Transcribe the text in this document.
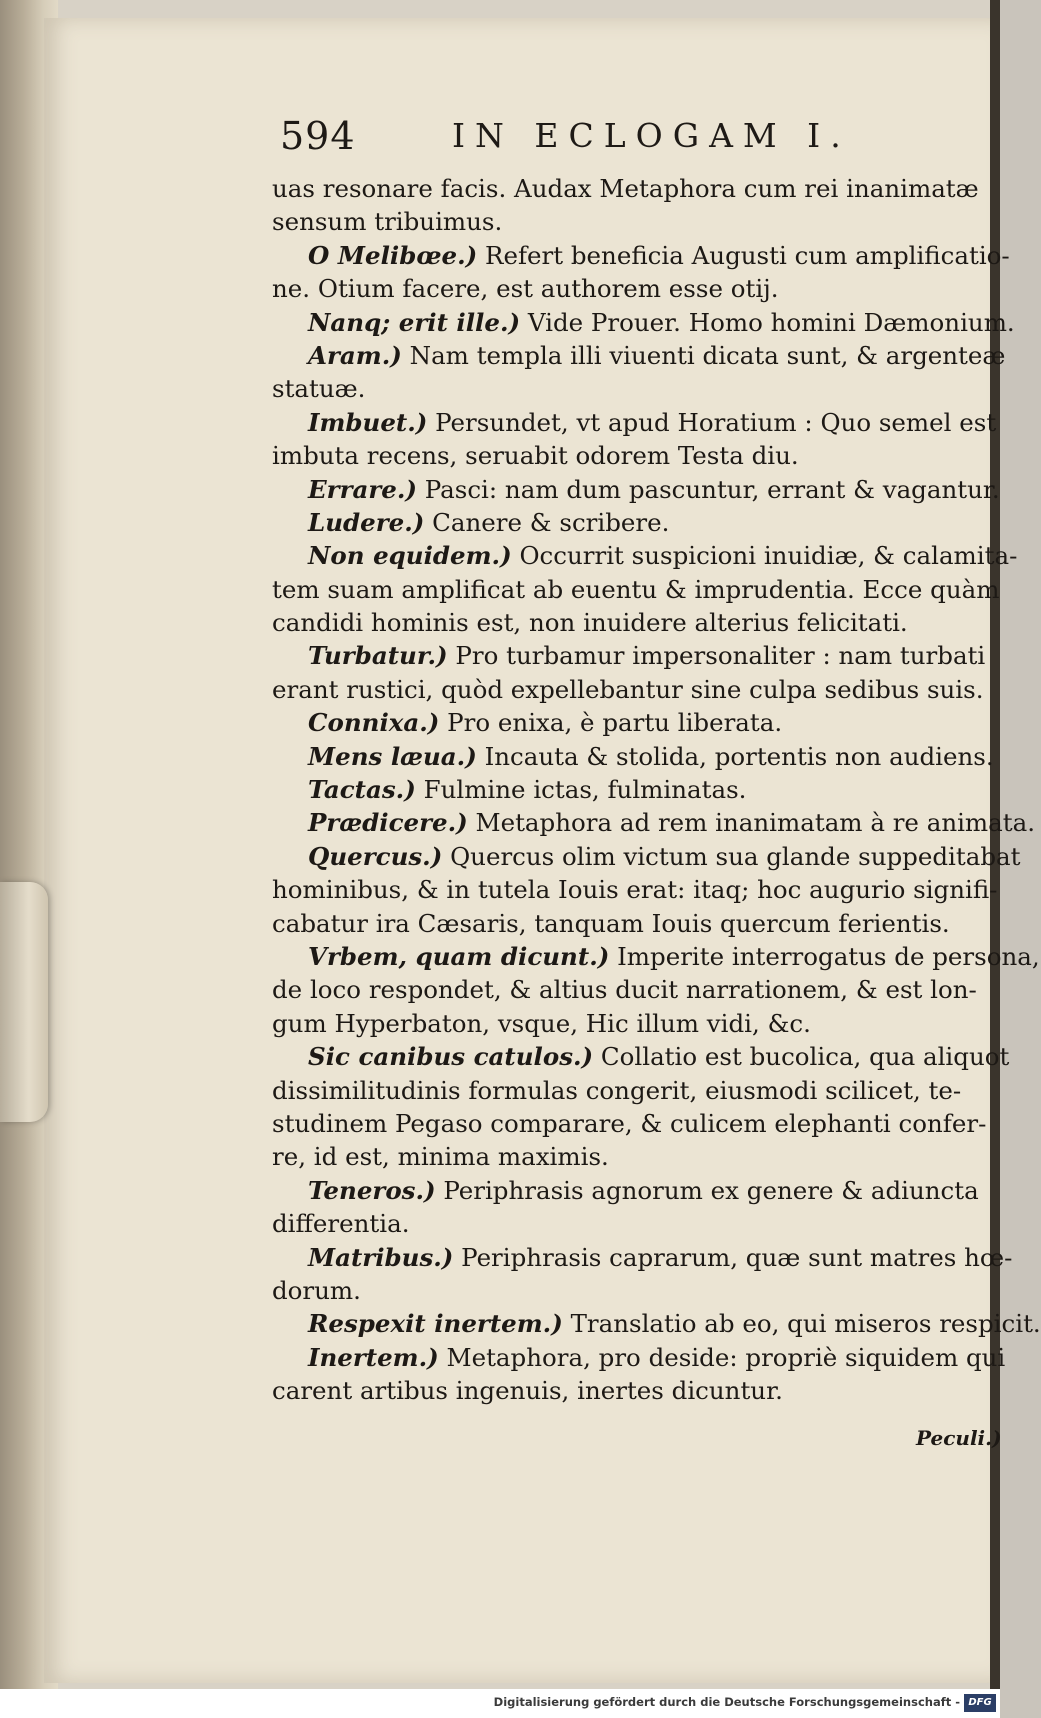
594	IN ECLOGAM I.
uas resonare facis. Audax Metaphora cum rei inanimatæ
sensum tribuimus.
O Melibœe.) Refert beneficia Augusti cum amplificatio-
ne. Otium facere, est authorem esse otij.
Nanq; erit ille.) Vide Prouer. Homo homini Dæmonium.
Aram.) Nam templa illi viuenti dicata sunt, & argenteæ
statuæ.
Imbuet.) Persundet, vt apud Horatium : Quo semel est
imbuta recens, seruabit odorem Testa diu.
Errare.) Pasci: nam dum pascuntur, errant & vagantur.
Ludere.) Canere & scribere.
Non equidem.) Occurrit suspicioni inuidiæ, & calamita-
tem suam amplificat ab euentu & imprudentia. Ecce quàm
candidi hominis est, non inuidere alterius felicitati.
Turbatur.) Pro turbamur impersonaliter : nam turbati
erant rustici, quòd expellebantur sine culpa sedibus suis.
Connixa.) Pro enixa, è partu liberata.
Mens læua.) Incauta & stolida, portentis non audiens.
Tactas.) Fulmine ictas, fulminatas.
Prædicere.) Metaphora ad rem inanimatam à re animata.
Quercus.) Quercus olim victum sua glande suppeditabat
hominibus, & in tutela Iouis erat: itaq; hoc augurio signifi-
cabatur ira Cæsaris, tanquam Iouis quercum ferientis.
Vrbem, quam dicunt.) Imperite interrogatus de persona,
de loco respondet, & altius ducit narrationem, & est lon-
gum Hyperbaton, vsque, Hic illum vidi, &c.
Sic canibus catulos.) Collatio est bucolica, qua aliquot
dissimilitudinis formulas congerit, eiusmodi scilicet, te-
studinem Pegaso comparare, & culicem elephanti confer-
re, id est, minima maximis.
Teneros.) Periphrasis agnorum ex genere & adiuncta
differentia.
Matribus.) Periphrasis caprarum, quæ sunt matres hœ-
dorum.
Respexit inertem.) Translatio ab eo, qui miseros respicit.
Inertem.) Metaphora, pro deside: propriè siquidem qui
carent artibus ingenuis, inertes dicuntur.
Peculi.)
Digitalisierung gefördert durch die Deutsche Forschungsgemeinschaft - DFG
